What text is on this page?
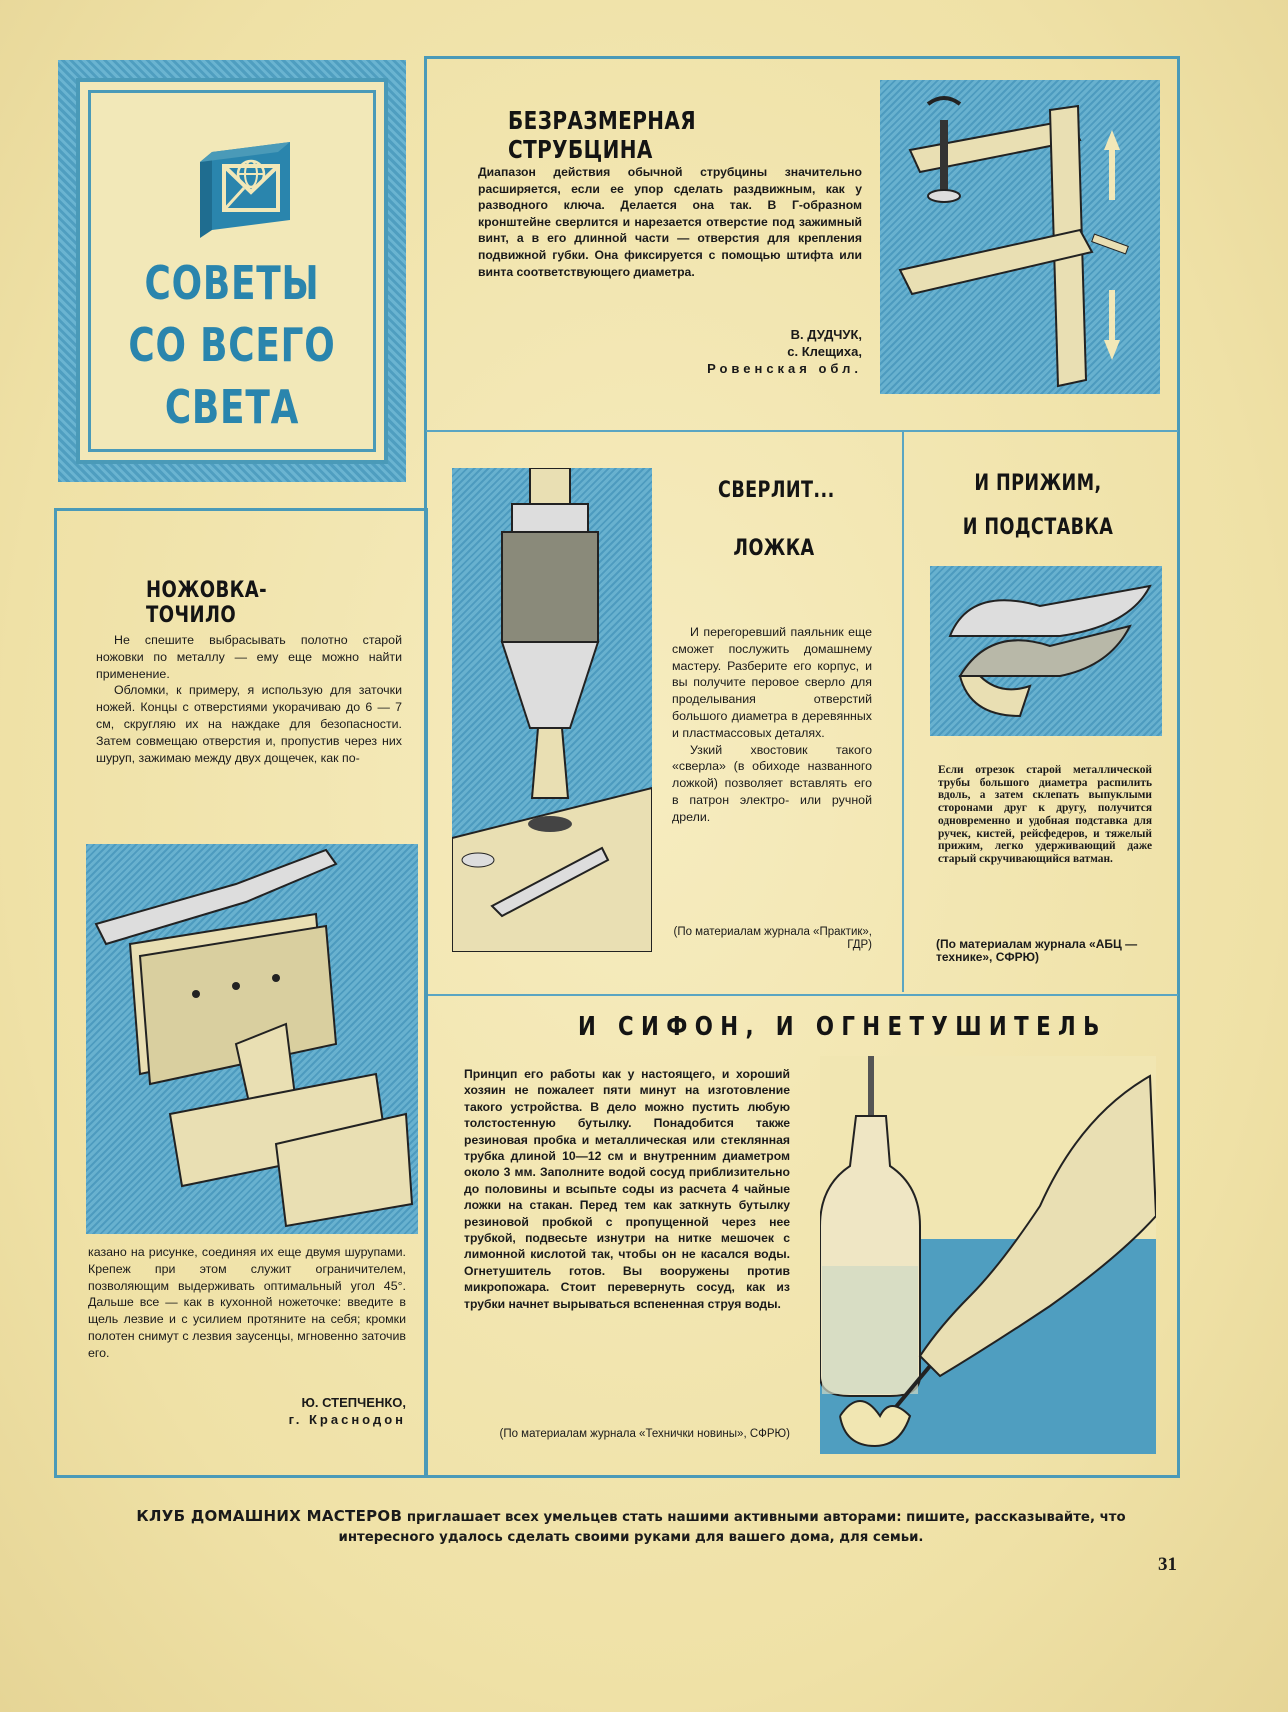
СОВЕТЫ
СО ВСЕГО
СВЕТА
БЕЗРАЗМЕРНАЯ СТРУБЦИНА
Диапазон действия обычной струбцины значительно расширяется, если ее упор сделать раздвижным, как у разводного ключа. Делается она так. В Г-образном кронштейне сверлится и нарезается отверстие под зажимный винт, а в его длинной части — отверстия для крепления подвижной губки. Она фиксируется с помощью штифта или винта соответствующего диаметра.
В. ДУДЧУК,
с. Клещиха,
Ровенская обл.
НОЖОВКА-ТОЧИЛО
Не спешите выбрасывать полотно старой ножовки по металлу — ему еще можно найти применение.
Обломки, к примеру, я использую для заточки ножей. Концы с отверстиями укорачиваю до 6 — 7 см, скругляю их на наждаке для безопасности. Затем совмещаю отверстия и, пропустив через них шуруп, зажимаю между двух дощечек, как по-
казано на рисунке, соединяя их еще двумя шурупами. Крепеж при этом служит ограничителем, позволяющим выдерживать оптимальный угол 45°. Дальше все — как в кухонной ножеточке: введите в щель лезвие и с усилием протяните на себя; кромки полотен снимут с лезвия заусенцы, мгновенно заточив его.
Ю. СТЕПЧЕНКО,
г. Краснодон
СВЕРЛИТ...
ЛОЖКА
И перегоревший паяльник еще сможет послужить домашнему мастеру. Разберите его корпус, и вы получите перовое сверло для проделывания отверстий большого диаметра в деревянных и пластмассовых деталях.
Узкий хвостовик такого «сверла» (в обиходе названного ложкой) позволяет вставлять его в патрон электро- или ручной дрели.
(По материалам журнала «Практик», ГДР)
И ПРИЖИМ,
И ПОДСТАВКА
Если отрезок старой металлической трубы большого диаметра распилить вдоль, а затем склепать выпуклыми сторонами друг к другу, получится одновременно и удобная подставка для ручек, кистей, рейсфедеров, и тяжелый прижим, легко удерживающий даже старый скручивающийся ватман.
(По материалам журнала «АБЦ — технике», СФРЮ)
И СИФОН, И ОГНЕТУШИТЕЛЬ
Принцип его работы как у настоящего, и хороший хозяин не пожалеет пяти минут на изготовление такого устройства. В дело можно пустить любую толстостенную бутылку. Понадобится также резиновая пробка и металлическая или стеклянная трубка длиной 10—12 см и внутренним диаметром около 3 мм. Заполните водой сосуд приблизительно до половины и всыпьте соды из расчета 4 чайные ложки на стакан. Перед тем как заткнуть бутылку резиновой пробкой с пропущенной через нее трубкой, подвесьте изнутри на нитке мешочек с лимонной кислотой так, чтобы он не касался воды. Огнетушитель готов. Вы вооружены против микропожара. Стоит перевернуть сосуд, как из трубки начнет вырываться вспененная струя воды.
(По материалам журнала «Технички новины», СФРЮ)
КЛУБ ДОМАШНИХ МАСТЕРОВ приглашает всех умельцев стать нашими активными авторами: пишите, рассказывайте, что интересного удалось сделать своими руками для вашего дома, для семьи.
31
